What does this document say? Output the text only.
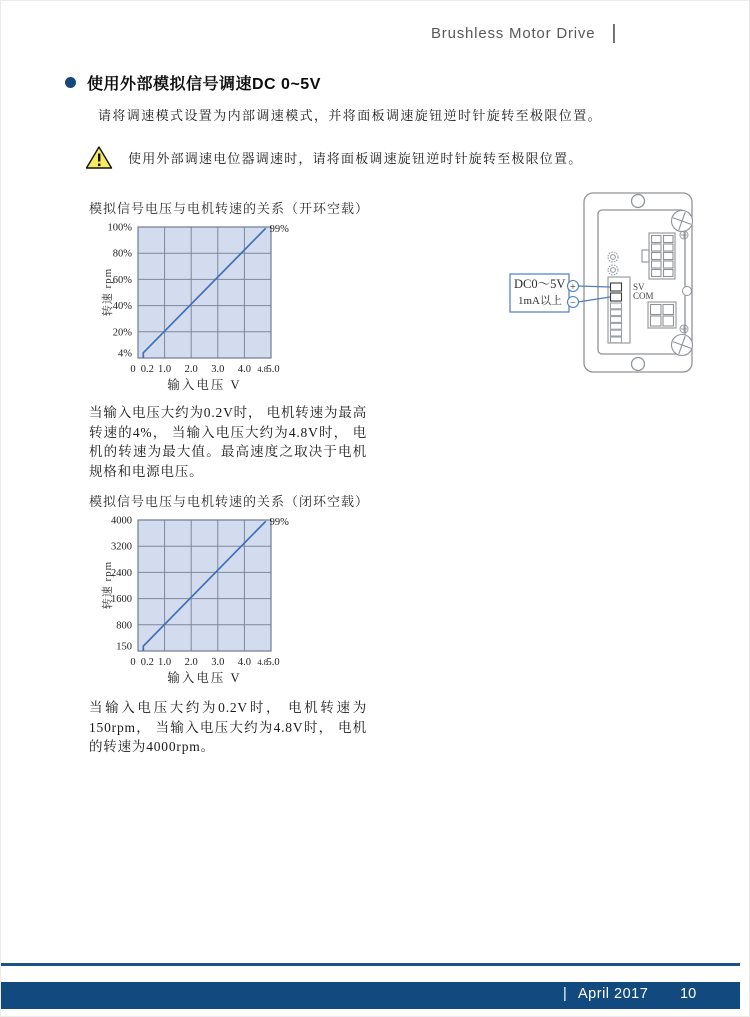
Brushless Motor Drive |
使用外部模拟信号调速DC 0~5V
请将调速模式设置为内部调速模式，并将面板调速旋钮逆时针旋转至极限位置。
使用外部调速电位器调速时，请将面板调速旋钮逆时针旋转至极限位置。
模拟信号电压与电机转速的关系（开环空载）
转速 rpm
0 0.2 1.0 2.0 3.0 4.0 4.8
5.0
100%
80%
60%
40%
20%
4%
99%
输入电压 V
当输入电压大约为0.2V时， 电机转速为最高转速的4%， 当输入电压大约为4.8V时， 电机的转速为最大值。最高速度之取决于电机规格和电源电压。
模拟信号电压与电机转速的关系（闭环空载）
转速 rpm
0 0.2 1.0 2.0 3.0 4.0 4.8
5.0
4000
3200
2400
1600
800
150
99%
输入电压 V
当输入电压大约为0.2V时， 电机转速为150rpm， 当输入电压大约为4.8V时， 电机的转速为4000rpm。
SV
COM
DC0～5V
1mA以上
+
−
| April 2017 10
